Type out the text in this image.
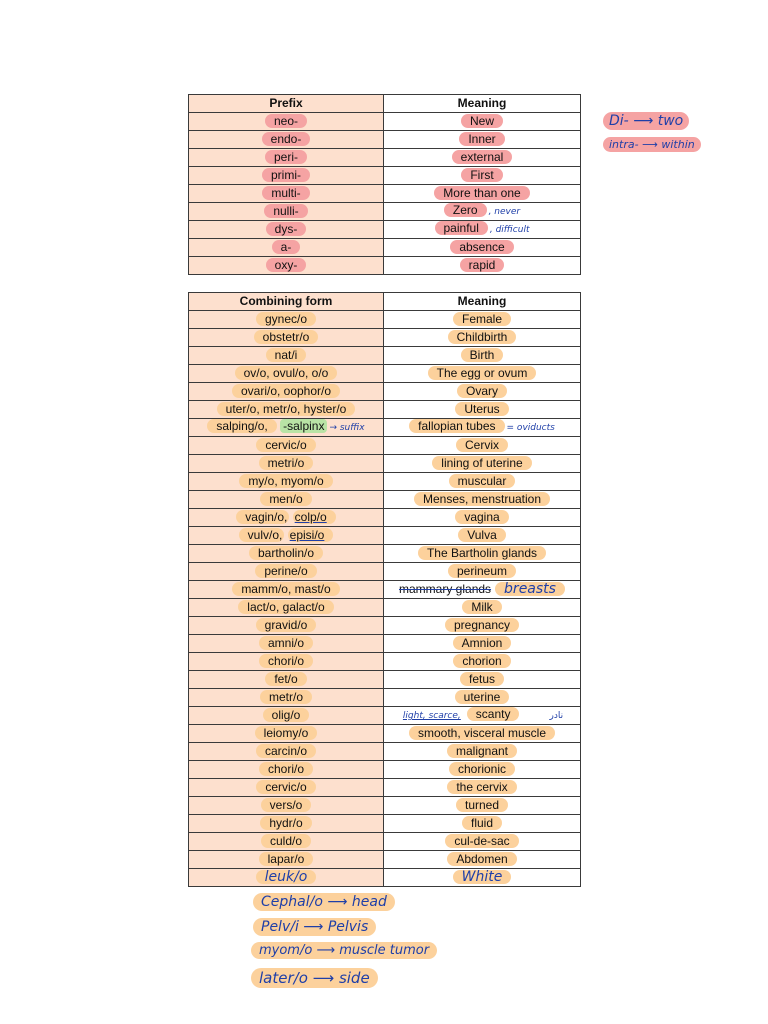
Prefix	Meaning
neo-	New
endo-	Inner
peri-	external
primi-	First
multi-	More than one
nulli-	Zero , never
dys-	painful , difficult
a-	absence
oxy-	rapid
Combining form	Meaning
gynec/o	Female
obstetr/o	Childbirth
nat/i	Birth
ov/o, ovul/o, o/o	The egg or ovum
ovari/o, oophor/o	Ovary
uter/o, metr/o, hyster/o	Uterus
salping/o, -salpinx → suffix	fallopian tubes = oviducts
cervic/o	Cervix
metri/o	lining of uterine
my/o, myom/o	muscular
men/o	Menses, menstruation
vagin/o, colp/o	vagina
vulv/o, episi/o	Vulva
bartholin/o	The Bartholin glands
perine/o	perineum
mamm/o, mast/o	mammary glands breasts
lact/o, galact/o	Milk
gravid/o	pregnancy
amni/o	Amnion
chori/o	chorion
fet/o	fetus
metr/o	uterine
olig/o	light, scarce, scanty نادر
leiomy/o	smooth, visceral muscle
carcin/o	malignant
chori/o	chorionic
cervic/o	the cervix
vers/o	turned
hydr/o	fluid
culd/o	cul-de-sac
lapar/o	Abdomen
leuk/o	White
Di- ⟶ two
intra- ⟶ within
Cephal/o ⟶ head
Pelv/i ⟶ Pelvis
myom/o ⟶ muscle tumor
later/o ⟶ side
